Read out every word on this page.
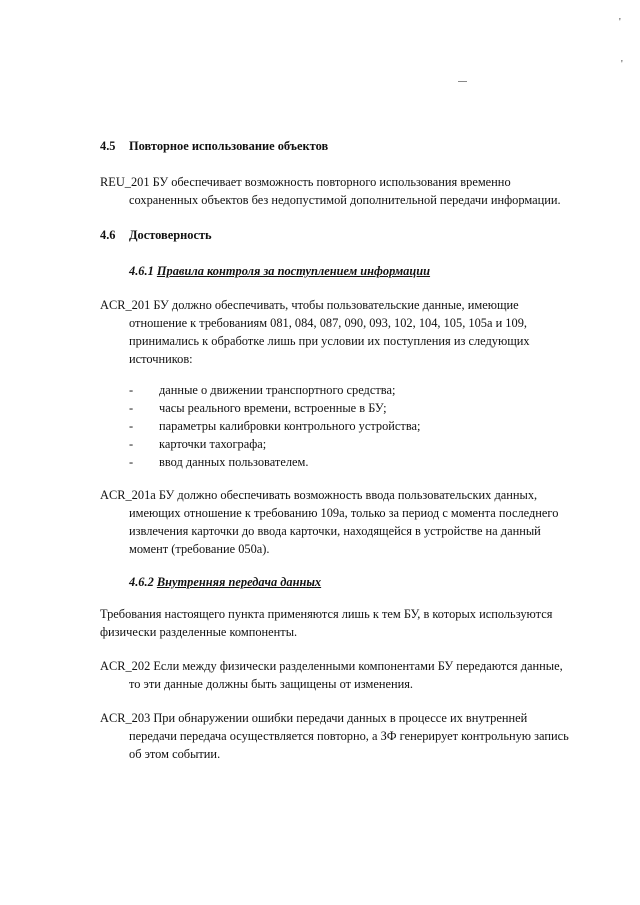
'
'
4.5 Повторное использование объектов
REU_201 БУ обеспечивает возможность повторного использования временно
сохраненных объектов без недопустимой дополнительной передачи информации.
4.6 Достоверность
4.6.1 Правила контроля за поступлением информации
ACR_201 БУ должно обеспечивать, чтобы пользовательские данные, имеющие
отношение к требованиям 081, 084, 087, 090, 093, 102, 104, 105, 105а и 109,
принимались к обработке лишь при условии их поступления из следующих
источников:
- данные о движении транспортного средства;
- часы реального времени, встроенные в БУ;
- параметры калибровки контрольного устройства;
- карточки тахографа;
- ввод данных пользователем.
ACR_201a БУ должно обеспечивать возможность ввода пользовательских данных,
имеющих отношение к требованию 109а, только за период с момента последнего
извлечения карточки до ввода карточки, находящейся в устройстве на данный
момент (требование 050а).
4.6.2 Внутренняя передача данных
Требования настоящего пункта применяются лишь к тем БУ, в которых используются
физически разделенные компоненты.
ACR_202 Если между физически разделенными компонентами БУ передаются данные,
то эти данные должны быть защищены от изменения.
ACR_203 При обнаружении ошибки передачи данных в процессе их внутренней
передачи передача осуществляется повторно, а ЗФ генерирует контрольную запись
об этом событии.
